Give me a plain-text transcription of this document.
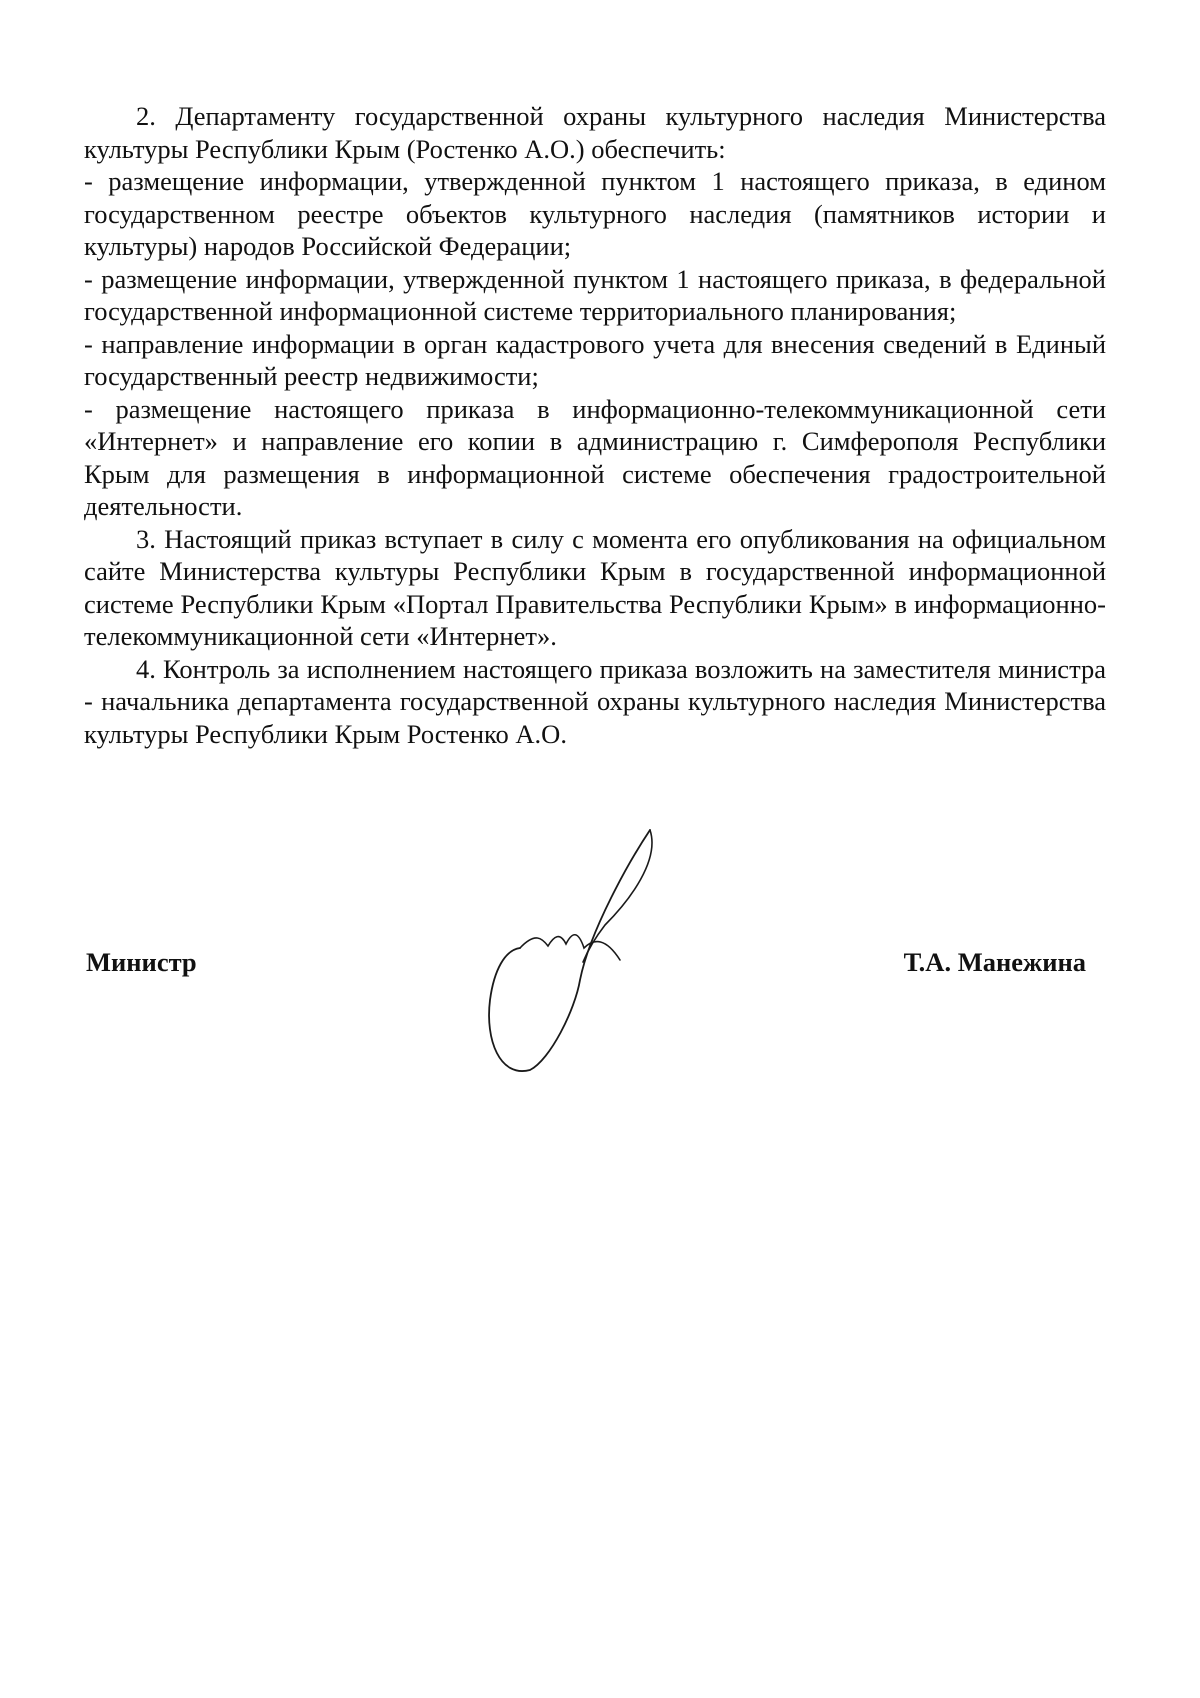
2. Департаменту государственной охраны культурного наследия Министерства культуры Республики Крым (Ростенко А.О.) обеспечить:

- размещение информации, утвержденной пунктом 1 настоящего приказа, в едином государственном реестре объектов культурного наследия (памятников истории и культуры) народов Российской Федерации;

- размещение информации, утвержденной пунктом 1 настоящего приказа, в федеральной государственной информационной системе территориального планирования;

- направление информации в орган кадастрового учета для внесения сведений в Единый государственный реестр недвижимости;

- размещение настоящего приказа в информационно-телекоммуникационной сети «Интернет» и направление его копии в администрацию г. Симферополя Республики Крым для размещения в информационной системе обеспечения градостроительной деятельности.

3. Настоящий приказ вступает в силу с момента его опубликования на официальном сайте Министерства культуры Республики Крым в государственной информационной системе Республики Крым «Портал Правительства Республики Крым» в информационно-телекоммуникационной сети «Интернет».

4. Контроль за исполнением настоящего приказа возложить на заместителя министра - начальника департамента государственной охраны культурного наследия Министерства культуры Республики Крым Ростенко А.О.

Министр	Т.А. Манежина
